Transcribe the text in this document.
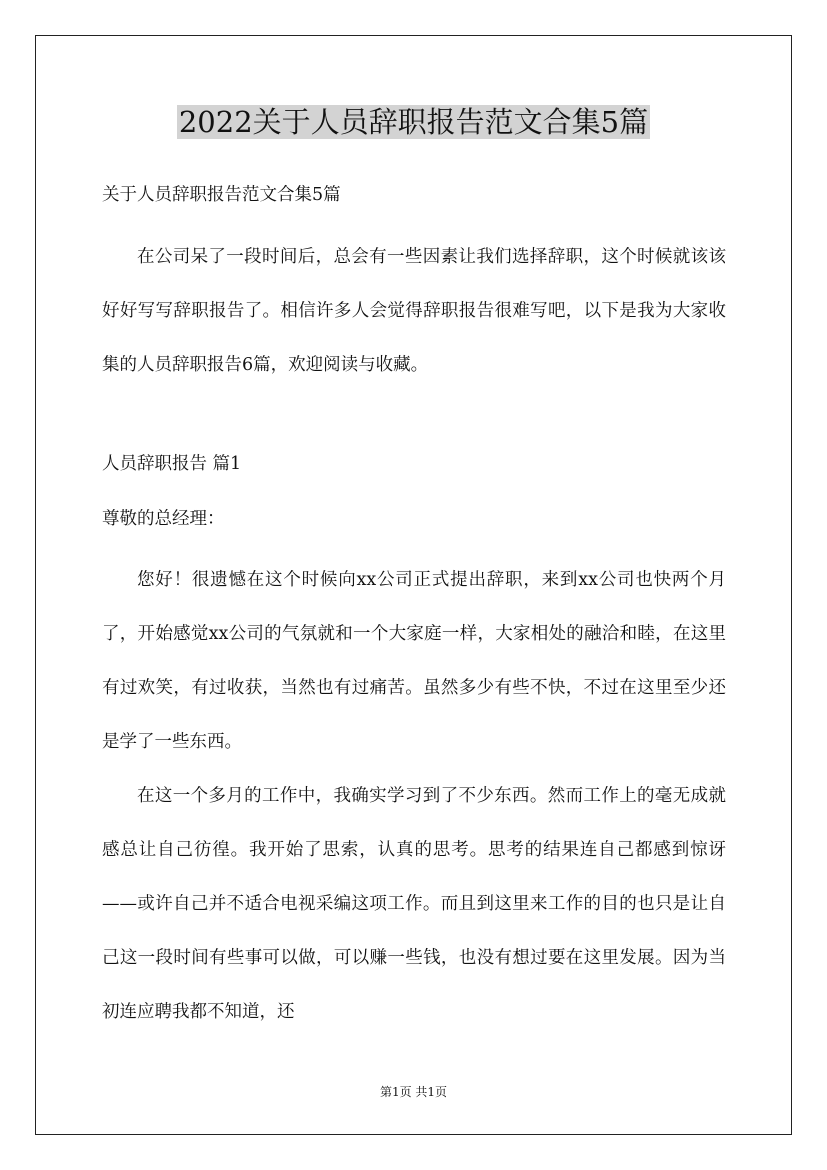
2022关于人员辞职报告范文合集5篇
关于人员辞职报告范文合集5篇
在公司呆了一段时间后，总会有一些因素让我们选择辞职，这个时候就该该好好写写辞职报告了。相信许多人会觉得辞职报告很难写吧，以下是我为大家收集的人员辞职报告6篇，欢迎阅读与收藏。
人员辞职报告 篇1
尊敬的总经理：
您好！很遗憾在这个时候向xx公司正式提出辞职，来到xx公司也快两个月了，开始感觉xx公司的气氛就和一个大家庭一样，大家相处的融洽和睦，在这里有过欢笑，有过收获，当然也有过痛苦。虽然多少有些不快，不过在这里至少还是学了一些东西。
在这一个多月的工作中，我确实学习到了不少东西。然而工作上的毫无成就感总让自己彷徨。我开始了思索，认真的思考。思考的结果连自己都感到惊讶——或许自己并不适合电视采编这项工作。而且到这里来工作的目的也只是让自己这一段时间有些事可以做，可以赚一些钱，也没有想过要在这里发展。因为当初连应聘我都不知道，还
第1页 共1页
